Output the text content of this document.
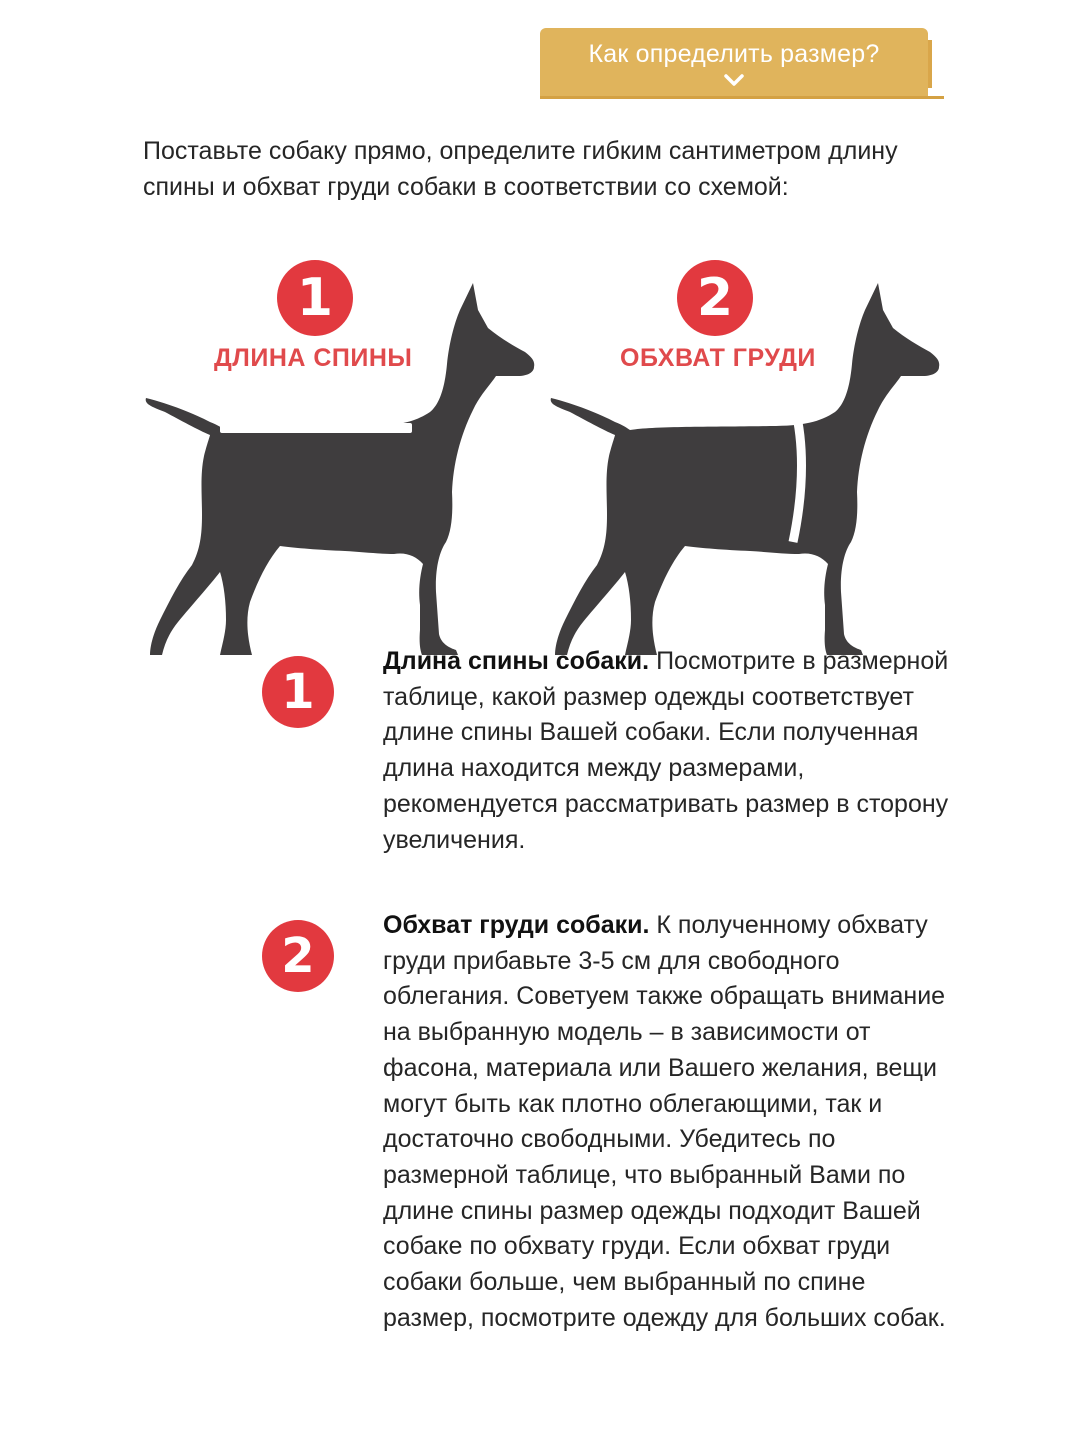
Как определить размер?

Поставьте собаку прямо, определите гибким сантиметром длину спины и обхват груди собаки в соответствии со схемой:

1
ДЛИНА СПИНЫ
2
ОБХВАТ ГРУДИ
1

Длина спины собаки. Посмотрите в размерной таблице, какой размер одежды соответствует длине спины Вашей собаки. Если полученная длина находится между размерами, рекомендуется рассматривать размер в сторону увеличения.

2

Обхват груди собаки. К полученному обхвату груди прибавьте 3-5 см для свободного облегания. Советуем также обращать внимание на выбранную модель – в зависимости от фасона, материала или Вашего желания, вещи могут быть как плотно облегающими, так и достаточно свободными. Убедитесь по размерной таблице, что выбранный Вами по длине спины размер одежды подходит Вашей собаке по обхвату груди. Если обхват груди собаки больше, чем выбранный по спине размер, посмотрите одежду для больших собак.
